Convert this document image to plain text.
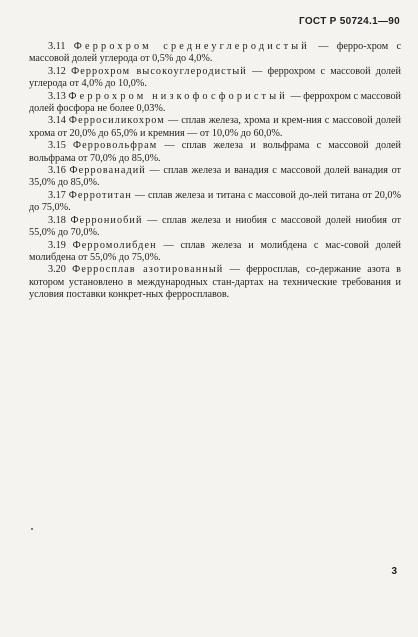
ГОСТ Р 50724.1—90

3.11 Феррохром среднеуглеродистый — ферро-хром с массовой долей углерода от 0,5% до 4,0%.

3.12 Феррохром высокоуглеродистый — феррохром с массовой долей углерода от 4,0% до 10,0%.

3.13 Феррохром низкофосфористый — феррохром с массовой долей фосфора не более 0,03%.

3.14 Ферросиликохром — сплав железа, хрома и крем-ния с массовой долей хрома от 20,0% до 65,0% и кремния — от 10,0% до 60,0%.

3.15 Ферровольфрам — сплав железа и вольфрама с массовой долей вольфрама от 70,0% до 85,0%.

3.16 Феррованадий — сплав железа и ванадия с массовой долей ванадия от 35,0% до 85,0%.

3.17 Ферротитан — сплав железа и титана с массовой до-лей титана от 20,0% до 75,0%.

3.18 Феррониобий — сплав железа и ниобия с массовой долей ниобия от 55,0% до 70,0%.

3.19 Ферромолибден — сплав железа и молибдена с мас-совой долей молибдена от 55,0% до 75,0%.

3.20 Ферросплав азотированный — ферросплав, со-держание азота в котором установлено в международных стан-дартах на технические требования и условия поставки конкрет-ных ферросплавов.

3
